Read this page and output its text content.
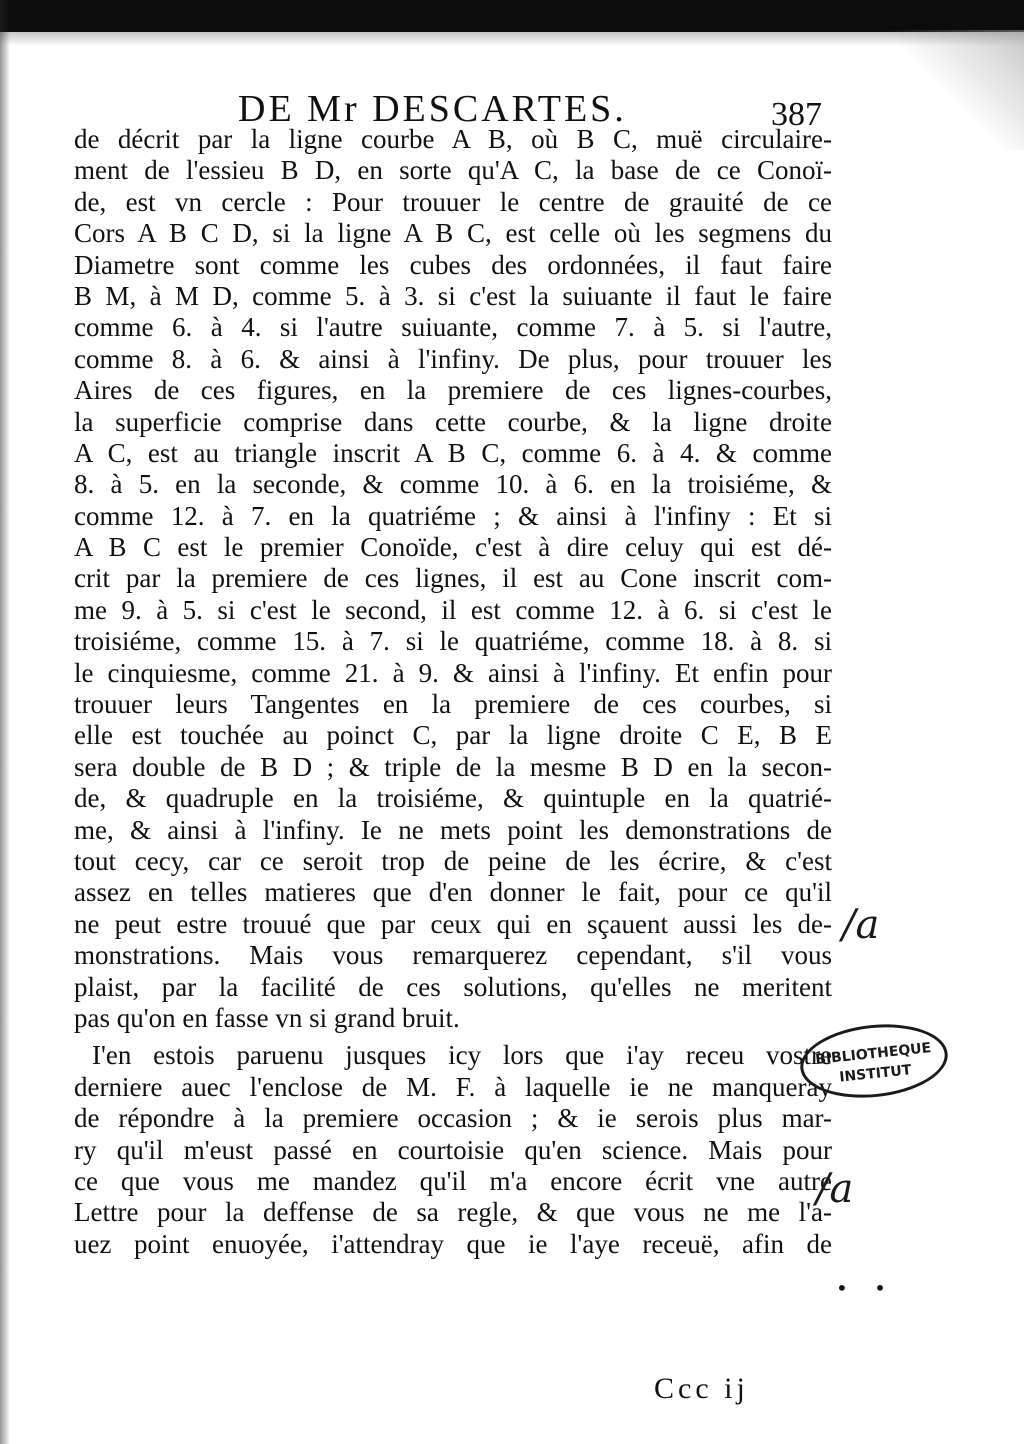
DE Mr DESCARTES.	387
de décrit par la ligne courbe A B, où B C, muë circulaire-
ment de l'essieu B D, en sorte qu'A C, la base de ce Conoï-
de, est vn cercle : Pour trouuer le centre de grauité de ce
Cors A B C D, si la ligne A B C, est celle où les segmens du
Diametre sont comme les cubes des ordonnées, il faut faire
B M, à M D, comme 5. à 3. si c'est la suiuante il faut le faire
comme 6. à 4. si l'autre suiuante, comme 7. à 5. si l'autre,
comme 8. à 6. & ainsi à l'infiny. De plus, pour trouuer les
Aires de ces figures, en la premiere de ces lignes-courbes,
la superficie comprise dans cette courbe, & la ligne droite
A C, est au triangle inscrit A B C, comme 6. à 4. & comme
8. à 5. en la seconde, & comme 10. à 6. en la troisiéme, &
comme 12. à 7. en la quatriéme ; & ainsi à l'infiny : Et si
A B C est le premier Conoïde, c'est à dire celuy qui est dé-
crit par la premiere de ces lignes, il est au Cone inscrit com-
me 9. à 5. si c'est le second, il est comme 12. à 6. si c'est le
troisiéme, comme 15. à 7. si le quatriéme, comme 18. à 8. si
le cinquiesme, comme 21. à 9. & ainsi à l'infiny. Et enfin pour
trouuer leurs Tangentes en la premiere de ces courbes, si
elle est touchée au poinct C, par la ligne droite C E, B E
sera double de B D ; & triple de la mesme B D en la secon-
de, & quadruple en la troisiéme, & quintuple en la quatrié-
me, & ainsi à l'infiny. Ie ne mets point les demonstrations de
tout cecy, car ce seroit trop de peine de les écrire, & c'est
assez en telles matieres que d'en donner le fait, pour ce qu'il
ne peut estre trouué que par ceux qui en sçauent aussi les de-
monstrations. Mais vous remarquerez cependant, s'il vous
plaist, par la facilité de ces solutions, qu'elles ne meritent
pas qu'on en fasse vn si grand bruit.
I'en estois paruenu jusques icy lors que i'ay receu vostre
derniere auec l'enclose de M. F. à laquelle ie ne manqueray
de répondre à la premiere occasion ; & ie serois plus mar-
ry qu'il m'eust passé en courtoisie qu'en science. Mais pour
ce que vous me mandez qu'il m'a encore écrit vne autre
Lettre pour la deffense de sa regle, & que vous ne me l'a-
uez point enuoyée, i'attendray que ie l'aye receuë, afin de
Ccc ij
/a
/a
BIBLIOTHEQUE
INSTITUT
• •
